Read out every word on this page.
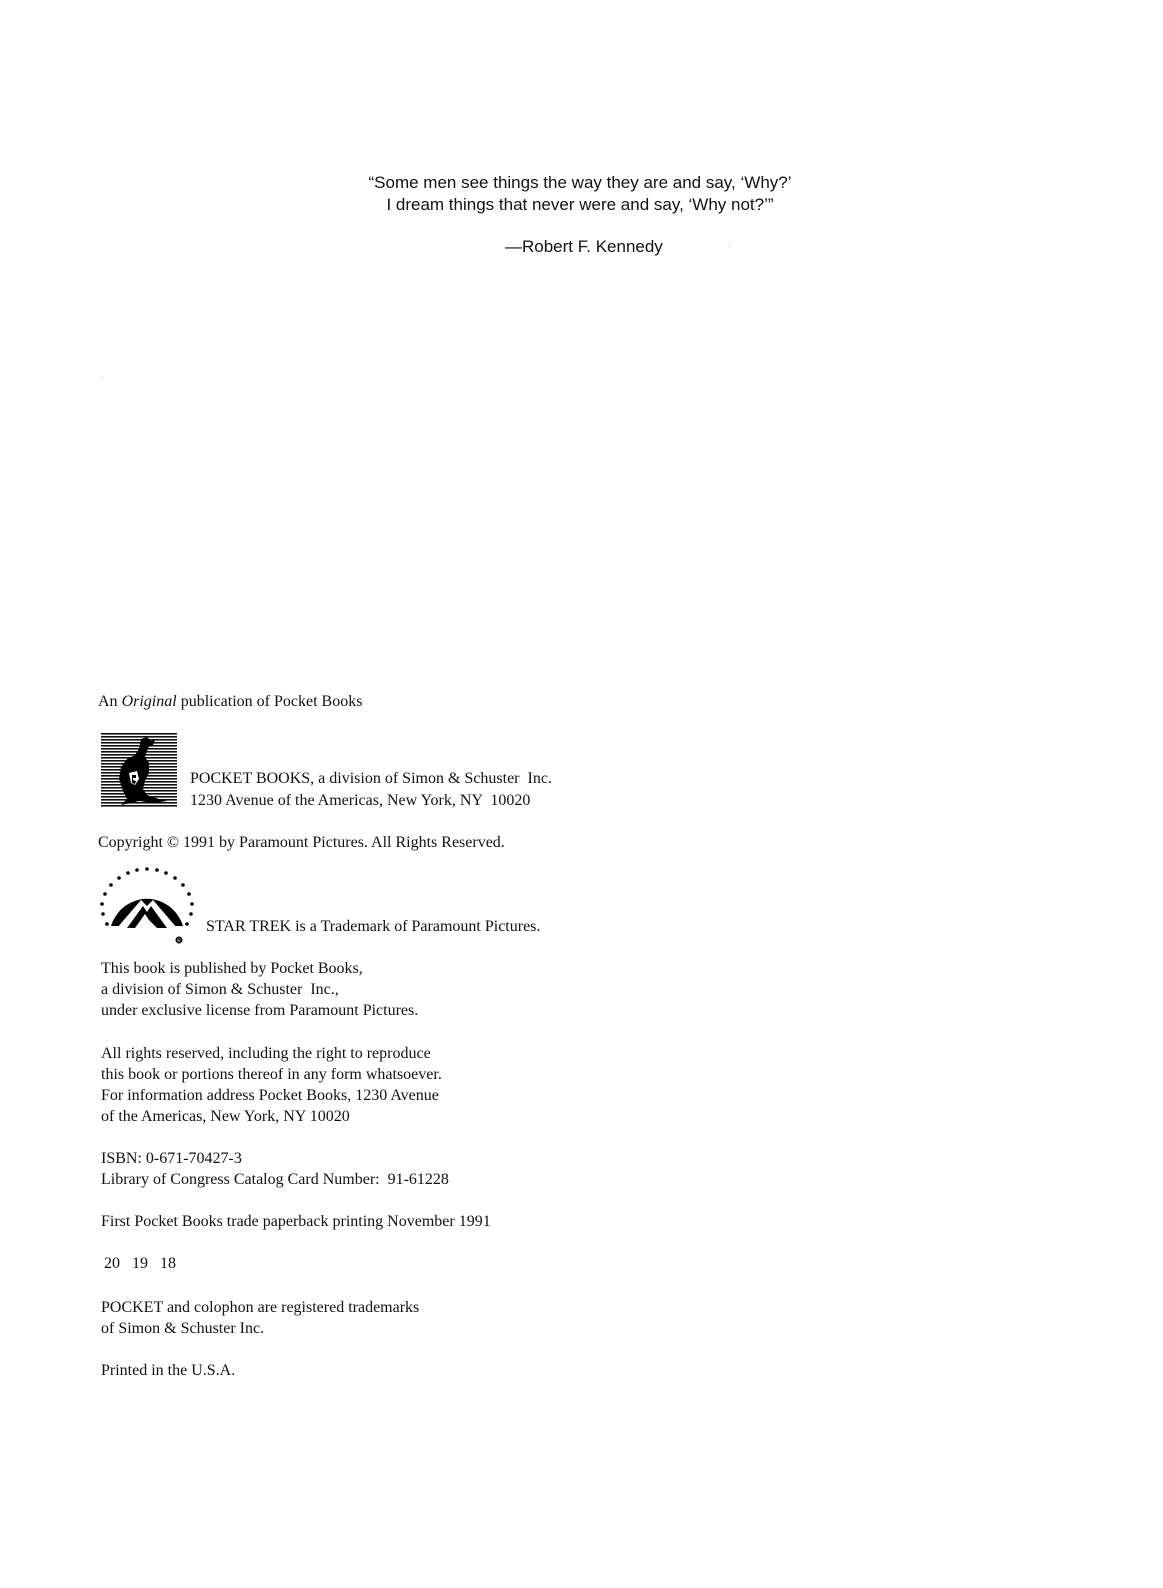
“Some men see things the way they are and say, ‘Why?’
I dream things that never were and say, ‘Why not?’”
—Robert F. Kennedy
An Original publication of Pocket Books
POCKET BOOKS, a division of Simon & Schuster  Inc.
1230 Avenue of the Americas, New York, NY  10020
Copyright © 1991 by Paramount Pictures. All Rights Reserved.
Paramount
R
STAR TREK is a Trademark of Paramount Pictures.
This book is published by Pocket Books,
a division of Simon & Schuster  Inc.,
under exclusive license from Paramount Pictures.
All rights reserved, including the right to reproduce
this book or portions thereof in any form whatsoever.
For information address Pocket Books, 1230 Avenue
of the Americas, New York, NY 10020
ISBN: 0-671-70427-3
Library of Congress Catalog Card Number:  91-61228
First Pocket Books trade paperback printing November 1991
20   19   18
POCKET and colophon are registered trademarks
of Simon & Schuster Inc.
Printed in the U.S.A.
